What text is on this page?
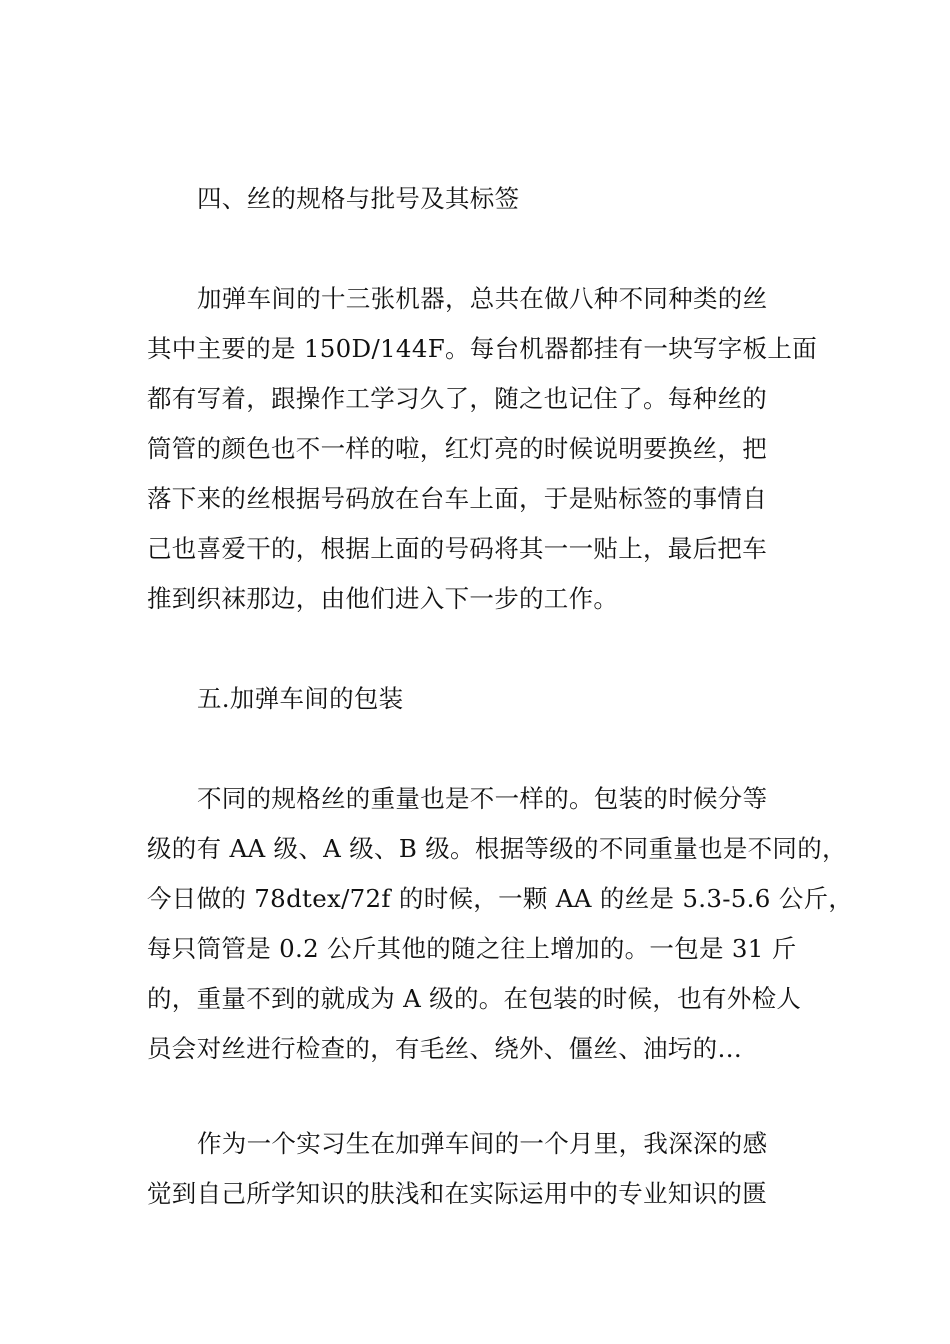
四、丝的规格与批号及其标签
加弹车间的十三张机器，总共在做八种不同种类的丝
其中主要的是 150D/144F。每台机器都挂有一块写字板上面
都有写着，跟操作工学习久了，随之也记住了。每种丝的
筒管的颜色也不一样的啦，红灯亮的时候说明要换丝，把
落下来的丝根据号码放在台车上面，于是贴标签的事情自
己也喜爱干的，根据上面的号码将其一一贴上，最后把车
推到织袜那边，由他们进入下一步的工作。
五.加弹车间的包装
不同的规格丝的重量也是不一样的。包装的时候分等
级的有 AA 级、A 级、B 级。根据等级的不同重量也是不同的，
今日做的 78dtex/72f 的时候，一颗 AA 的丝是 5.3-5.6 公斤，
每只筒管是 0.2 公斤其他的随之往上增加的。一包是 31 斤
的，重量不到的就成为 A 级的。在包装的时候，也有外检人
员会对丝进行检查的，有毛丝、绕外、僵丝、油圬的…
作为一个实习生在加弹车间的一个月里，我深深的感
觉到自己所学知识的肤浅和在实际运用中的专业知识的匮
